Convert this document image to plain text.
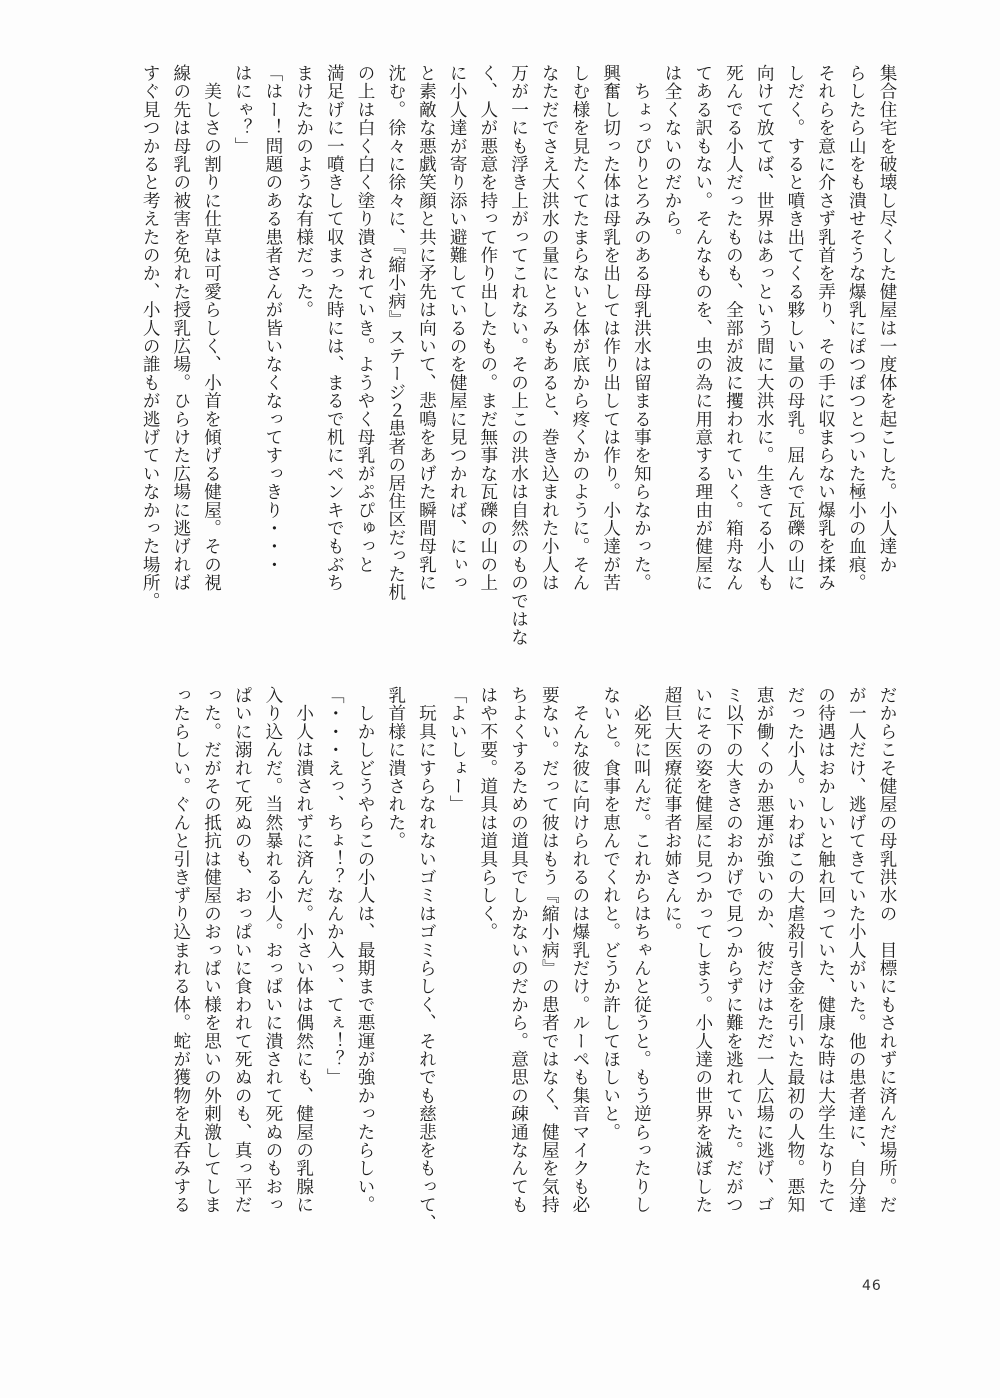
集合住宅を破壊し尽くした健屋は一度体を起こした。小人達か
らしたら山をも潰せそうな爆乳にぽつぽつとついた極小の血痕。
それらを意に介さず乳首を弄り、その手に収まらない爆乳を揉み
しだく。すると噴き出てくる夥しい量の母乳。屈んで瓦礫の山に
向けて放てば、世界はあっという間に大洪水に。生きてる小人も
死んでる小人だったものも、全部が波に攫われていく。箱舟なん
てある訳もない。そんなものを、虫の為に用意する理由が健屋に
は全くないのだから。

　ちょっぴりとろみのある母乳洪水は留まる事を知らなかった。
興奮し切った体は母乳を出しては作り出しては作り。小人達が苦
しむ様を見たくてたまらないと体が底から疼くかのように。そん
なただでさえ大洪水の量にとろみもあると、巻き込まれた小人は
万が一にも浮き上がってこれない。その上この洪水は自然のものではな
く、人が悪意を持って作り出したもの。まだ無事な瓦礫の山の上
に小人達が寄り添い避難しているのを健屋に見つかれば、にぃっ
と素敵な悪戯笑顔と共に矛先は向いて、悲鳴をあげた瞬間母乳に
沈む。徐々に徐々に、『縮小病』ステージ２患者の居住区だった机
の上は白く白く塗り潰されていき。ようやく母乳がぷぴゅっと
満足げに一噴きして収まった時には、まるで机にペンキでもぶち
まけたかのような有様だった。

「はー！問題のある患者さんが皆いなくなってすっきり・・・
はにゃ？」

　美しさの割りに仕草は可愛らしく、小首を傾げる健屋。その視
線の先は母乳の被害を免れた授乳広場。ひらけた広場に逃げれば
すぐ見つかると考えたのか、小人の誰もが逃げていなかった場所。

だからこそ健屋の母乳洪水の　目標にもされずに済んだ場所。だ
が一人だけ、逃げてきていた小人がいた。他の患者達に、自分達
の待遇はおかしいと触れ回っていた、健康な時は大学生なりたて
だった小人。いわばこの大虐殺引き金を引いた最初の人物。悪知
恵が働くのか悪運が強いのか、彼だけはただ一人広場に逃げ、ゴ
ミ以下の大きさのおかげで見つからずに難を逃れていた。だがつ
いにその姿を健屋に見つかってしまう。小人達の世界を滅ぼした
超巨大医療従事者お姉さんに。

　必死に叫んだ。これからはちゃんと従うと。もう逆らったりし
ないと。食事を恵んでくれと。どうか許してほしいと。

　そんな彼に向けられるのは爆乳だけ。ルーペも集音マイクも必
要ない。だって彼はもう『縮小病』の患者ではなく、健屋を気持
ちよくするための道具でしかないのだから。意思の疎通なんても
はや不要。道具は道具らしく。

「よいしょー」

　玩具にすらなれないゴミはゴミらしく、それでも慈悲をもって、
乳首様に潰された。
　しかしどうやらこの小人は、最期まで悪運が強かったらしい。

「・・・えっ、ちょ！？なんか入っ、てぇ！？」

　小人は潰されずに済んだ。小さい体は偶然にも、健屋の乳腺に
入り込んだ。当然暴れる小人。おっぱいに潰されて死ぬのもおっ
ぱいに溺れて死ぬのも、おっぱいに食われて死ぬのも、真っ平だ
った。だがその抵抗は健屋のおっぱい様を思いの外刺激してしま
ったらしい。ぐんと引きずり込まれる体。蛇が獲物を丸呑みする

46
